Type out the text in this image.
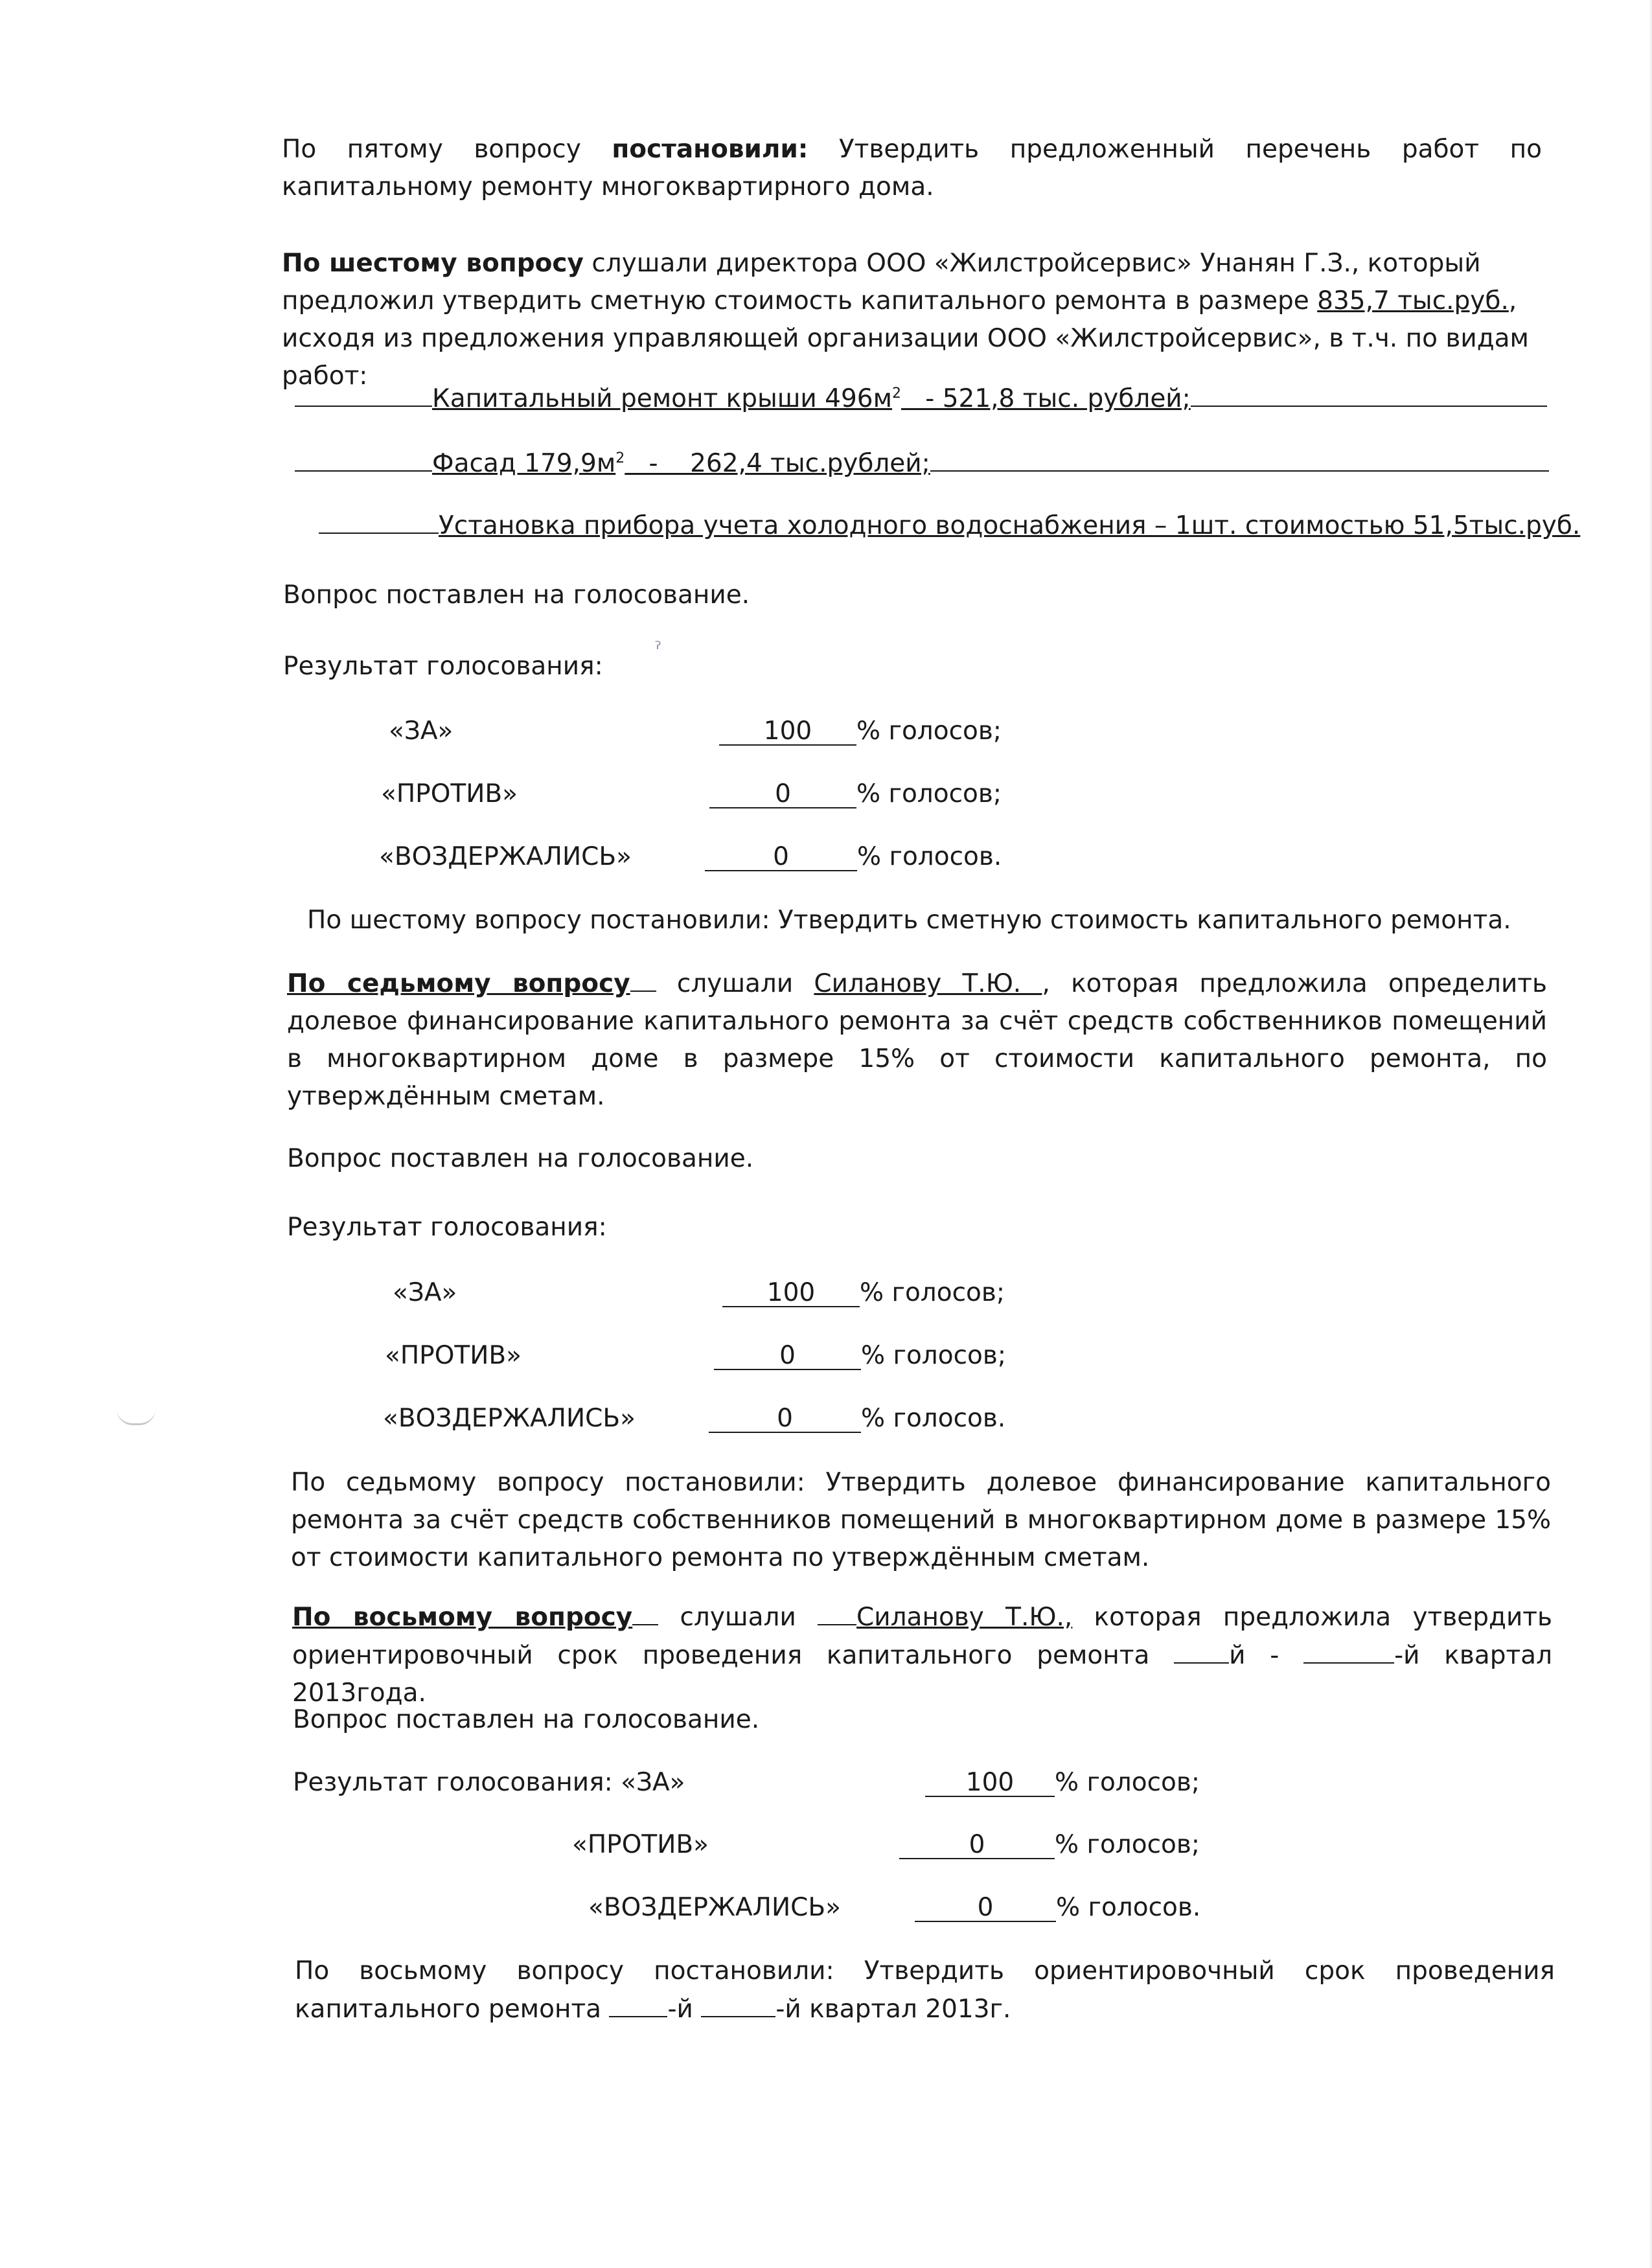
ˀ

По пятому вопросу постановили: Утвердить предложенный перечень работ по капитальному ремонту многоквартирного дома.

По шестому вопросу слушали директора ООО «Жилстройсервис» Унанян Г.З., который предложил утвердить сметную стоимость капитального ремонта в размере 835,7 тыс.руб., исходя из предложения управляющей организации ООО «Жилстройсервис», в т.ч. по видам работ:

Капитальный ремонт крыши $496м^2 - 521,8$ тыс. рублей;
Фасад $179,9м^2$   -    262,4 тыс.рублей;
Установка прибора учета холодного водоснабжения – 1шт. стоимостью 51,5тыс.руб.

Вопрос поставлен на голосование.

Результат голосования:

«ЗА»	100 % голосов;
«ПРОТИВ»	0	% голосов;
«ВОЗДЕРЖАЛИСЬ»	0	% голосов.

По шестому вопросу постановили: Утвердить сметную стоимость капитального ремонта.

По седьмому вопросу слушали Силанову Т.Ю. , которая предложила определить долевое финансирование капитального ремонта за счёт средств собственников помещений в многоквартирном доме в размере 15% от стоимости капитального ремонта, по утверждённым сметам.

Вопрос поставлен на голосование.

Результат голосования:

«ЗА»	100 % голосов;
«ПРОТИВ»	0	% голосов;
«ВОЗДЕРЖАЛИСЬ»	0	% голосов.

По седьмому вопросу постановили: Утвердить долевое финансирование капитального ремонта за счёт средств собственников помещений в многоквартирном доме в размере 15% от стоимости капитального ремонта по утверждённым сметам.

По восьмому вопросу слушали Силанову Т.Ю., которая предложила утвердить ориентировочный срок проведения капитального ремонта й -	-й квартал 2013года.

Вопрос поставлен на голосование.

Результат голосования: «ЗА»	100 % голосов;
«ПРОТИВ»	0	% голосов;
«ВОЗДЕРЖАЛИСЬ»	0 % голосов.

По восьмому вопросу постановили: Утвердить ориентировочный срок проведения капитального ремонта -й	-й квартал 2013г.
